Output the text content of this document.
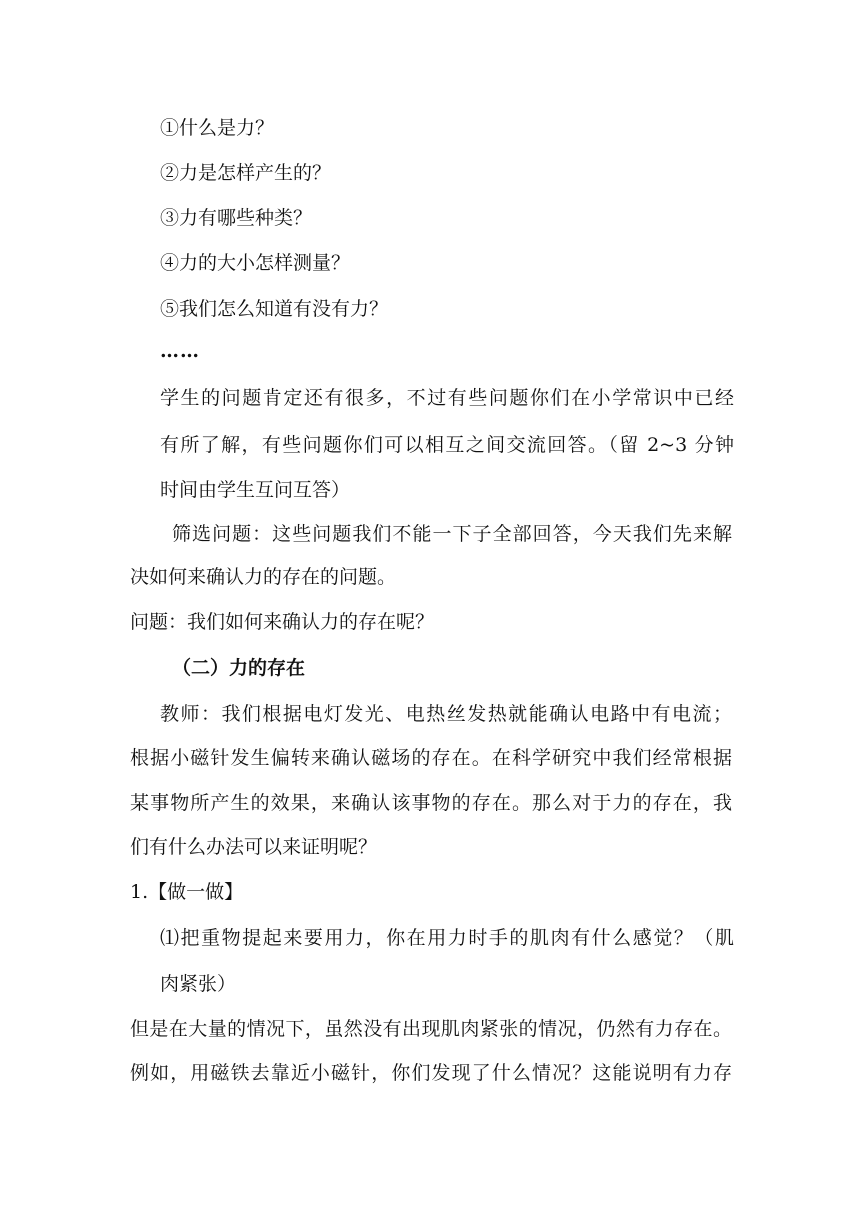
①什么是力？
②力是怎样产生的？
③力有哪些种类？
④力的大小怎样测量？
⑤我们怎么知道有没有力？
……
学生的问题肯定还有很多，不过有些问题你们在小学常识中已经
有所了解，有些问题你们可以相互之间交流回答。（留 2~3 分钟
时间由学生互问互答）
筛选问题：这些问题我们不能一下子全部回答，今天我们先来解
决如何来确认力的存在的问题。
问题：我们如何来确认力的存在呢？
（二）力的存在
教师：我们根据电灯发光、电热丝发热就能确认电路中有电流；
根据小磁针发生偏转来确认磁场的存在。在科学研究中我们经常根据
某事物所产生的效果，来确认该事物的存在。那么对于力的存在，我
们有什么办法可以来证明呢？
1.【做一做】
⑴把重物提起来要用力，你在用力时手的肌肉有什么感觉？（肌
肉紧张）
但是在大量的情况下，虽然没有出现肌肉紧张的情况，仍然有力存在。
例如，用磁铁去靠近小磁针，你们发现了什么情况？这能说明有力存
